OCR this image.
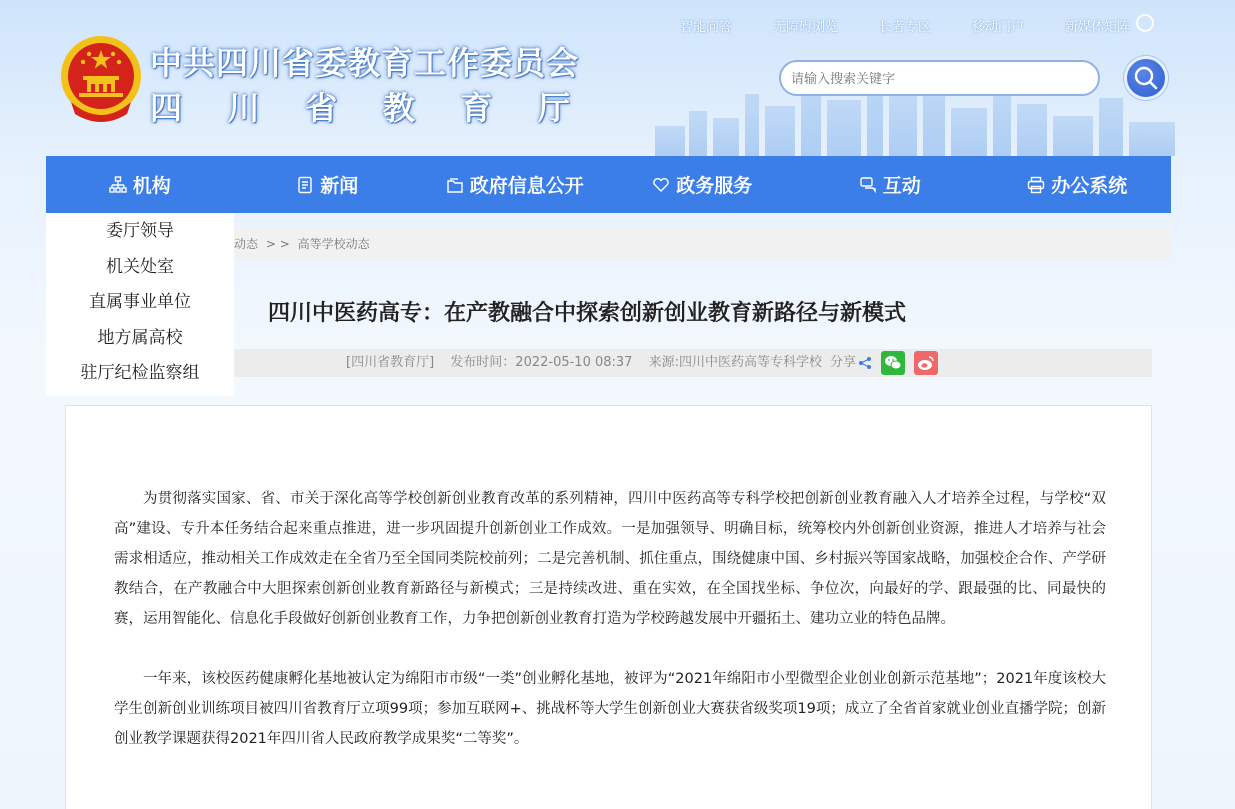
中共四川省委教育工作委员会
四 川 省 教 育 厅
智能问答	无障碍浏览	长者专区	移动门户	新媒体矩阵
请输入搜索关键字
机构	新闻	政府信息公开	政务服务	互动	办公系统
动态 > > 高等学校动态
委厅领导
机关处室
直属事业单位
地方属高校
驻厅纪检监察组
四川中医药高专：在产教融合中探索创新创业教育新路径与新模式
[四川省教育厅] 发布时间：2022-05-10 08:37 来源:四川中医药高等专科学校 分享

为贯彻落实国家、省、市关于深化高等学校创新创业教育改革的系列精神，四川中医药高等专科学校把创新创业教育融入人才培养全过程，与学校“双高”建设、专升本任务结合起来重点推进，进一步巩固提升创新创业工作成效。一是加强领导、明确目标，统筹校内外创新创业资源，推进人才培养与社会需求相适应，推动相关工作成效走在全省乃至全国同类院校前列；二是完善机制、抓住重点，围绕健康中国、乡村振兴等国家战略，加强校企合作、产学研教结合，在产教融合中大胆探索创新创业教育新路径与新模式；三是持续改进、重在实效，在全国找坐标、争位次，向最好的学、跟最强的比、同最快的赛，运用智能化、信息化手段做好创新创业教育工作，力争把创新创业教育打造为学校跨越发展中开疆拓土、建功立业的特色品牌。

一年来，该校医药健康孵化基地被认定为绵阳市市级“一类”创业孵化基地，被评为“2021年绵阳市小型微型企业创业创新示范基地”；2021年度该校大学生创新创业训练项目被四川省教育厅立项99项；参加互联网+、挑战杯等大学生创新创业大赛获省级奖项19项；成立了全省首家就业创业直播学院；创新创业教学课题获得2021年四川省人民政府教学成果奖“二等奖”。
